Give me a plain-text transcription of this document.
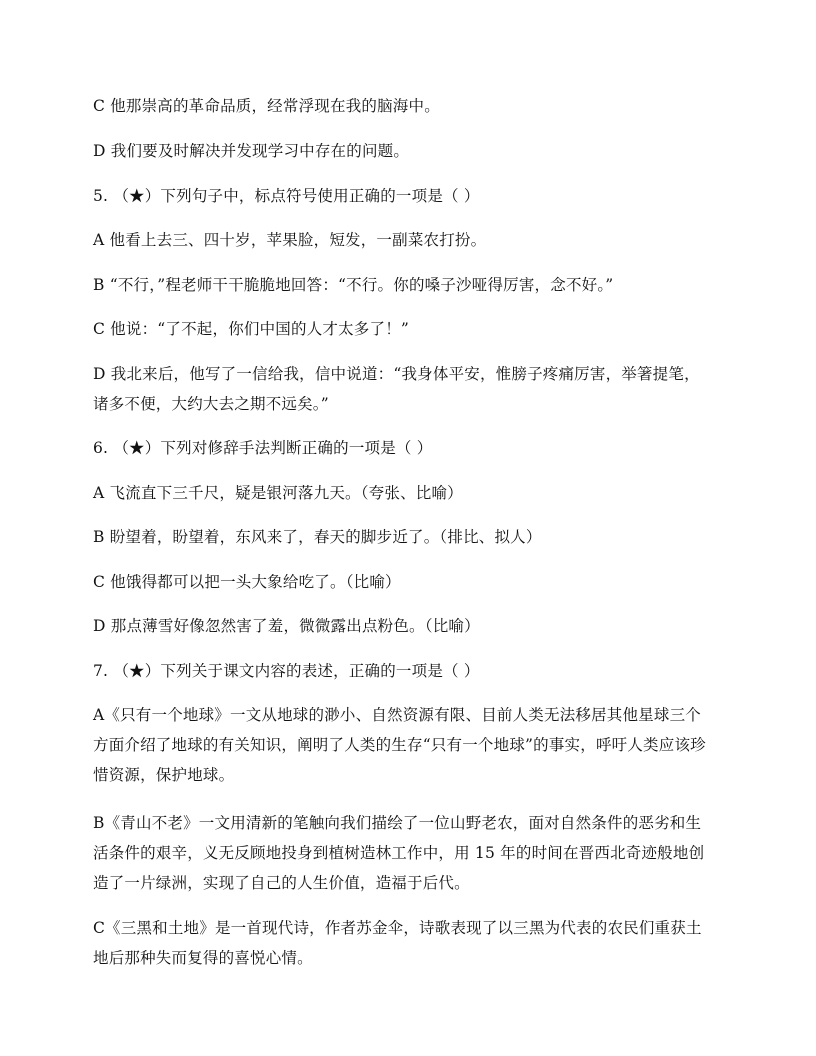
C 他那崇高的革命品质，经常浮现在我的脑海中。
D 我们要及时解决并发现学习中存在的问题。
5. （★）下列句子中，标点符号使用正确的一项是（ ）
A 他看上去三、四十岁，苹果脸，短发，一副菜农打扮。
B “不行，”程老师干干脆脆地回答：“不行。你的嗓子沙哑得厉害，念不好。”
C 他说：“了不起，你们中国的人才太多了！”
D 我北来后，他写了一信给我，信中说道：“我身体平安，惟膀子疼痛厉害，举箸提笔，
诸多不便，大约大去之期不远矣。”
6. （★）下列对修辞手法判断正确的一项是（ ）
A 飞流直下三千尺，疑是银河落九天。（夸张、比喻）
B 盼望着，盼望着，东风来了，春天的脚步近了。（排比、拟人）
C 他饿得都可以把一头大象给吃了。（比喻）
D 那点薄雪好像忽然害了羞，微微露出点粉色。（比喻）
7. （★）下列关于课文内容的表述，正确的一项是（ ）
A《只有一个地球》一文从地球的渺小、自然资源有限、目前人类无法移居其他星球三个
方面介绍了地球的有关知识，阐明了人类的生存“只有一个地球”的事实，呼吁人类应该珍
惜资源，保护地球。
B《青山不老》一文用清新的笔触向我们描绘了一位山野老农，面对自然条件的恶劣和生
活条件的艰辛，义无反顾地投身到植树造林工作中，用 15 年的时间在晋西北奇迹般地创
造了一片绿洲，实现了自己的人生价值，造福于后代。
C《三黑和土地》是一首现代诗，作者苏金伞，诗歌表现了以三黑为代表的农民们重获土
地后那种失而复得的喜悦心情。
